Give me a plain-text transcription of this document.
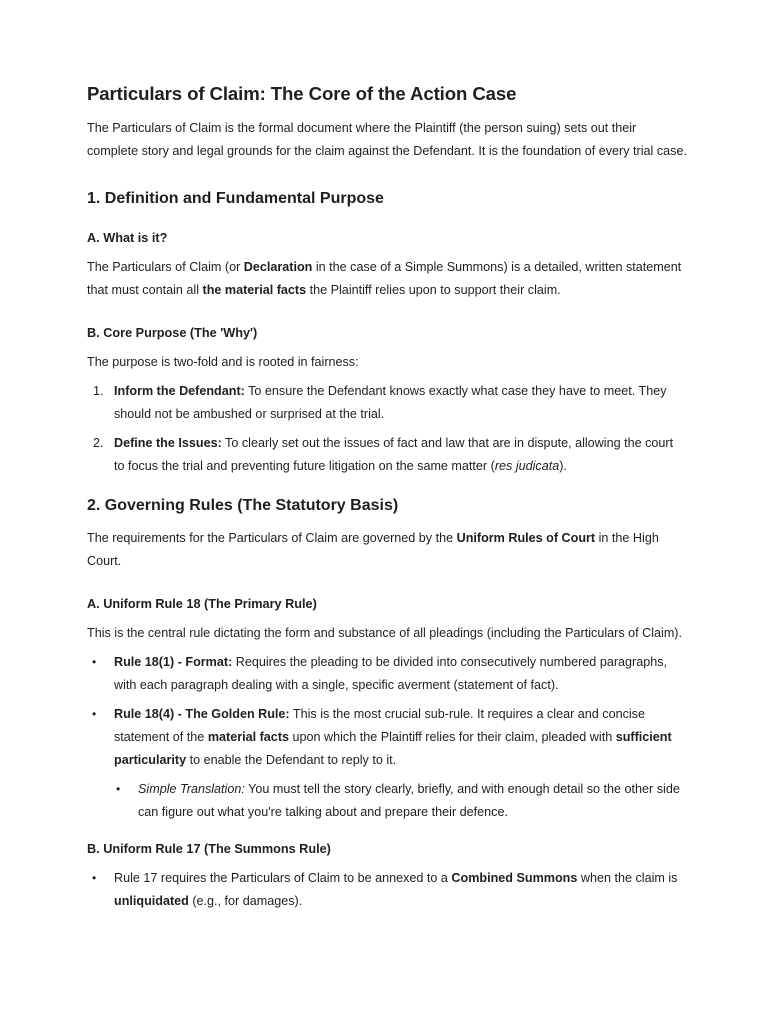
Particulars of Claim: The Core of the Action Case

The Particulars of Claim is the formal document where the Plaintiff (the person suing) sets out their complete story and legal grounds for the claim against the Defendant. It is the foundation of every trial case.

1. Definition and Fundamental Purpose
A. What is it?

The Particulars of Claim (or Declaration in the case of a Simple Summons) is a detailed, written statement that must contain all the material facts the Plaintiff relies upon to support their claim.

B. Core Purpose (The 'Why')

The purpose is two-fold and is rooted in fairness:

1. Inform the Defendant: To ensure the Defendant knows exactly what case they have to meet. They should not be ambushed or surprised at the trial.
2. Define the Issues: To clearly set out the issues of fact and law that are in dispute, allowing the court to focus the trial and preventing future litigation on the same matter (res judicata).
2. Governing Rules (The Statutory Basis)

The requirements for the Particulars of Claim are governed by the Uniform Rules of Court in the High Court.

A. Uniform Rule 18 (The Primary Rule)

This is the central rule dictating the form and substance of all pleadings (including the Particulars of Claim).

• Rule 18(1) - Format: Requires the pleading to be divided into consecutively numbered paragraphs, with each paragraph dealing with a single, specific averment (statement of fact).
• Rule 18(4) - The Golden Rule: This is the most crucial sub-rule. It requires a clear and concise statement of the material facts upon which the Plaintiff relies for their claim, pleaded with sufficient particularity to enable the Defendant to reply to it.
• Simple Translation: You must tell the story clearly, briefly, and with enough detail so the other side can figure out what you're talking about and prepare their defence.
B. Uniform Rule 17 (The Summons Rule)
• Rule 17 requires the Particulars of Claim to be annexed to a Combined Summons when the claim is unliquidated (e.g., for damages).
